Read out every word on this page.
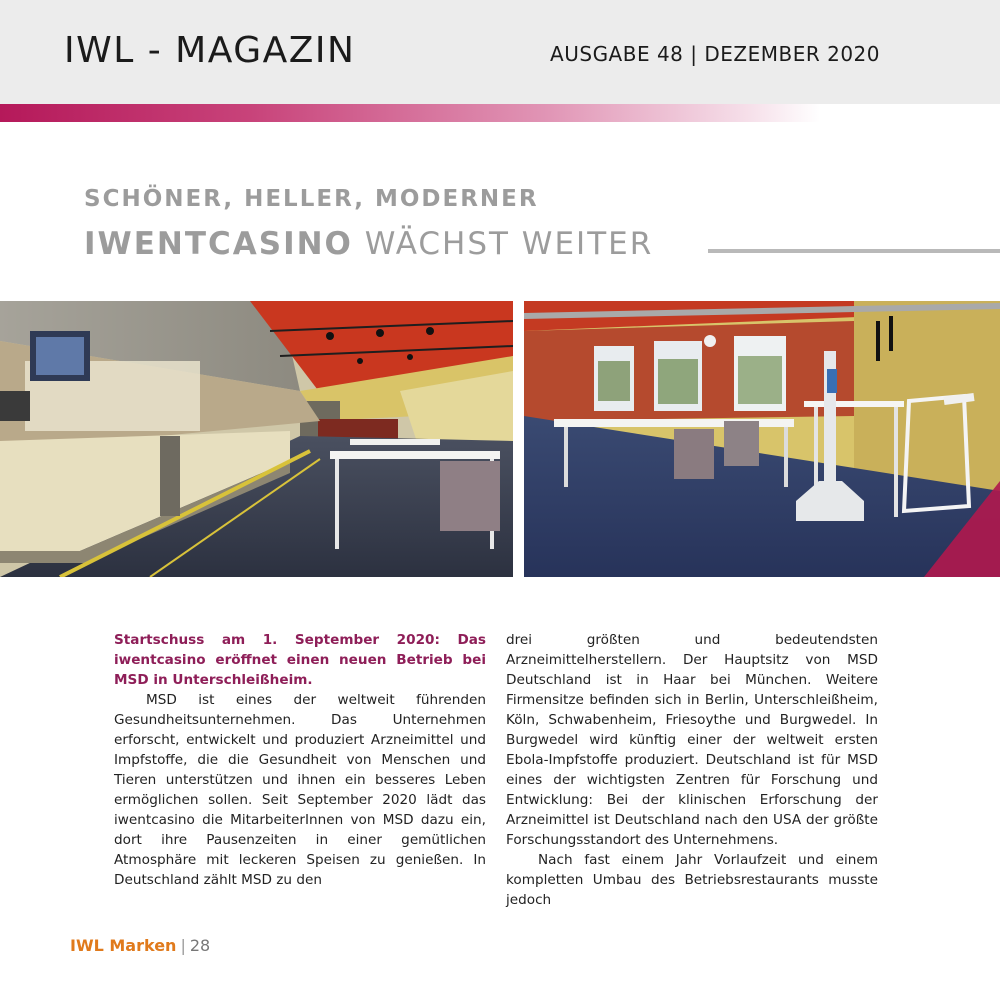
IWL - MAGAZIN	AUSGABE 48 | DEZEMBER 2020
SCHÖNER, HELLER, MODERNER
IWENTCASINO WÄCHST WEITER

Startschuss am 1. September 2020: Das iwentcasino eröffnet einen neuen Betrieb bei MSD in Unterschleißheim.

MSD ist eines der weltweit führenden Gesundheitsunternehmen. Das Unternehmen erforscht, entwickelt und produziert Arzneimittel und Impfstoffe, die die Gesundheit von Menschen und Tieren unterstützen und ihnen ein besseres Leben ermöglichen sollen. Seit September 2020 lädt das iwentcasino die MitarbeiterInnen von MSD dazu ein, dort ihre Pausenzeiten in einer gemütlichen Atmosphäre mit leckeren Speisen zu genießen. In Deutschland zählt MSD zu den

drei größten und bedeutendsten Arzneimittelherstellern. Der Hauptsitz von MSD Deutschland ist in Haar bei München. Weitere Firmensitze befinden sich in Berlin, Unterschleißheim, Köln, Schwabenheim, Friesoythe und Burgwedel. In Burgwedel wird künftig einer der weltweit ersten Ebola-Impfstoffe produziert. Deutschland ist für MSD eines der wichtigsten Zentren für Forschung und Entwicklung: Bei der klinischen Erforschung der Arzneimittel ist Deutschland nach den USA der größte Forschungsstandort des Unternehmens.

Nach fast einem Jahr Vorlaufzeit und einem kompletten Umbau des Betriebsrestaurants musste jedoch

IWL Marken | 28
